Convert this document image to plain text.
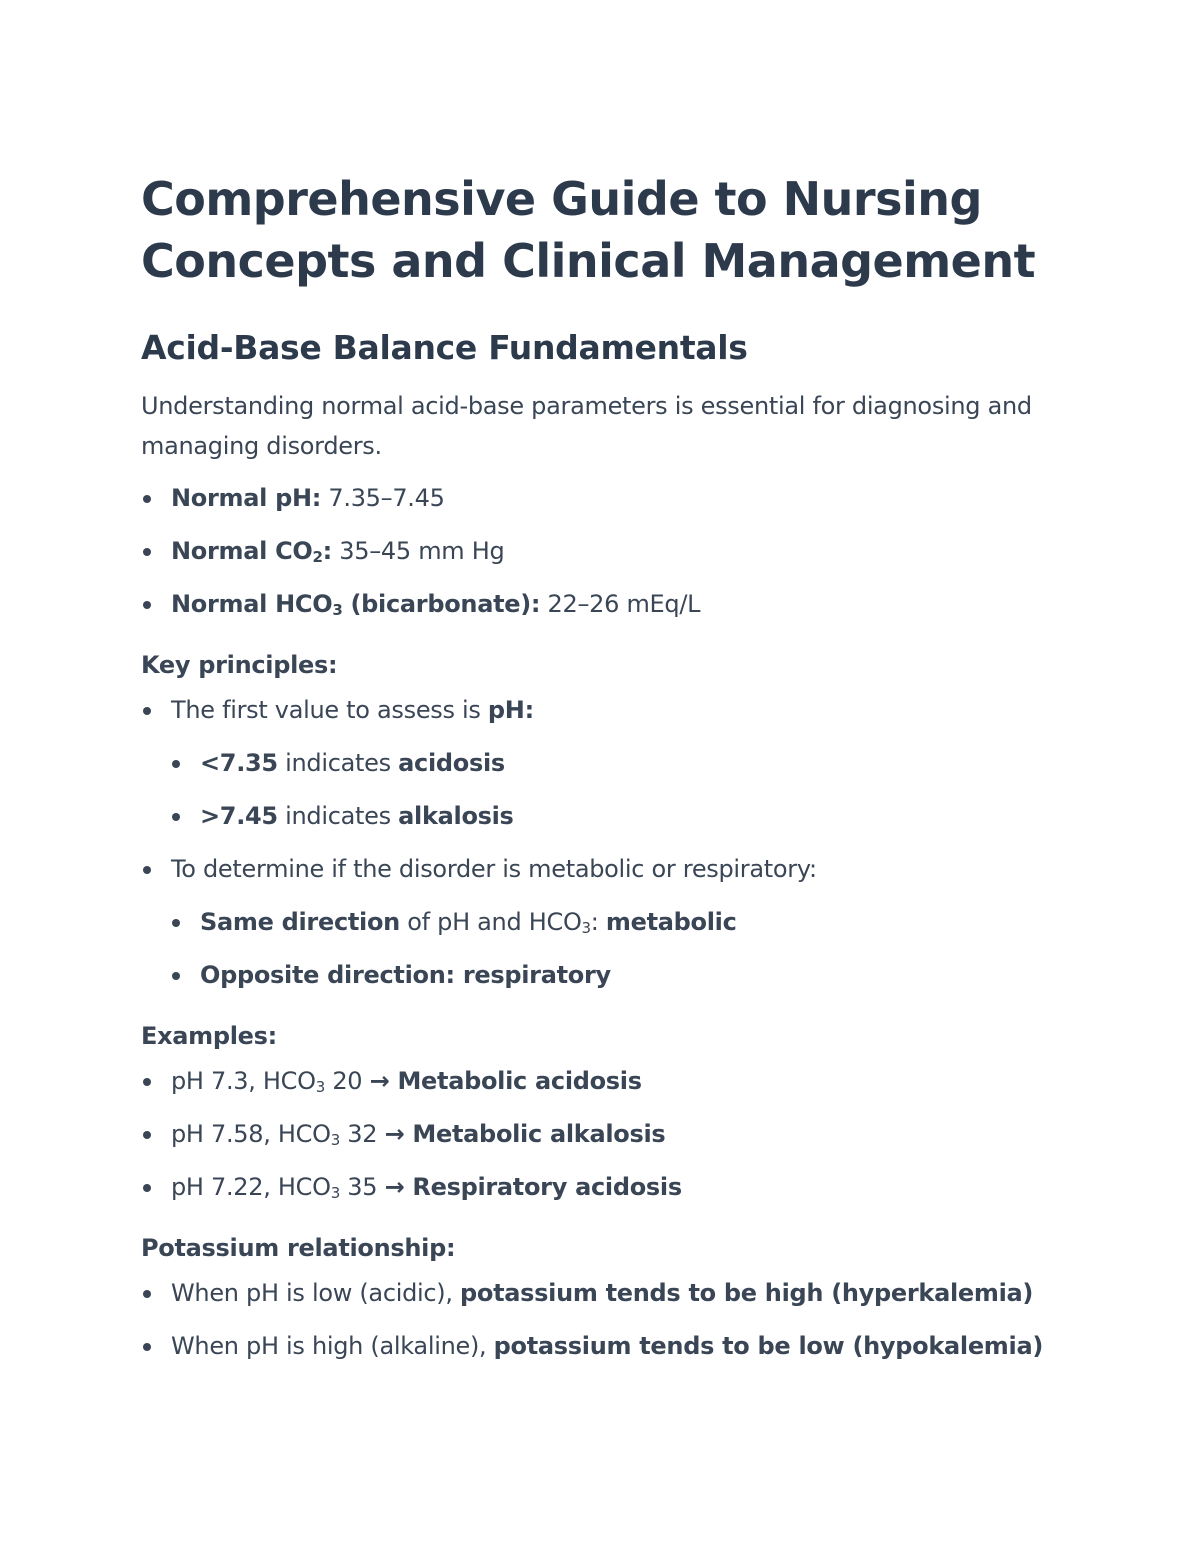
Comprehensive Guide to Nursing Concepts and Clinical Management
Acid-Base Balance Fundamentals

Understanding normal acid-base parameters is essential for diagnosing and managing disorders.

Normal pH: 7.35–7.45
Normal $CO_2$: 35–45 mm Hg
Normal $HCO_3$ (bicarbonate): 22–26 mEq/L

Key principles:

The first value to assess is pH:
<7.35 indicates acidosis
>7.45 indicates alkalosis
To determine if the disorder is metabolic or respiratory:
Same direction of pH and $HCO_3$: metabolic
Opposite direction: respiratory

Examples:

pH 7.3, $HCO_3$ 20 → Metabolic acidosis
pH 7.58, $HCO_3$ 32 → Metabolic alkalosis
pH 7.22, $HCO_3$ 35 → Respiratory acidosis

Potassium relationship:

When pH is low (acidic), potassium tends to be high (hyperkalemia)
When pH is high (alkaline), potassium tends to be low (hypokalemia)
